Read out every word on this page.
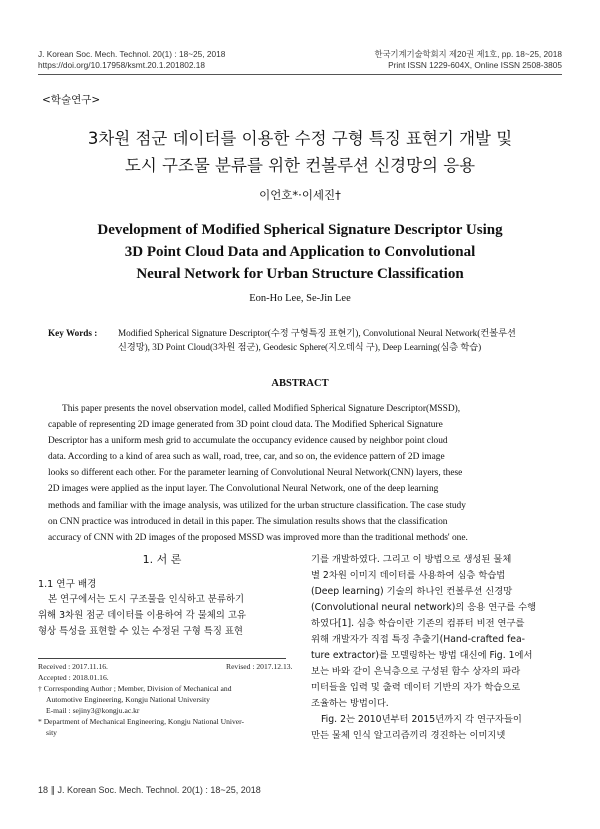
J. Korean Soc. Mech. Technol. 20(1) : 18~25, 2018
https://doi.org/10.17958/ksmt.20.1.201802.18
한국기계기술학회지 제20권 제1호, pp. 18~25, 2018
Print ISSN 1229-604X, Online ISSN 2508-3805
<학술연구>
3차원 점군 데이터를 이용한 수정 구형 특징 표현기 개발 및
도시 구조물 분류를 위한 컨볼루션 신경망의 응용
이언호*·이세진†
Development of Modified Spherical Signature Descriptor Using
3D Point Cloud Data and Application to Convolutional
Neural Network for Urban Structure Classification
Eon-Ho Lee, Se-Jin Lee
Key Words : Modified Spherical Signature Descriptor(수정 구형특징 표현기), Convolutional Neural Network(컨볼루션
신경망), 3D Point Cloud(3차원 점군), Geodesic Sphere(지오데식 구), Deep Learning(심층 학습)
ABSTRACT
This paper presents the novel observation model, called Modified Spherical Signature Descriptor(MSSD),
capable of representing 2D image generated from 3D point cloud data. The Modified Spherical Signature
Descriptor has a uniform mesh grid to accumulate the occupancy evidence caused by neighbor point cloud
data. According to a kind of area such as wall, road, tree, car, and so on, the evidence pattern of 2D image
looks so different each other. For the parameter learning of Convolutional Neural Network(CNN) layers, these
2D images were applied as the input layer. The Convolutional Neural Network, one of the deep learning
methods and familiar with the image analysis, was utilized for the urban structure classification. The case study
on CNN practice was introduced in detail in this paper. The simulation results shows that the classification
accuracy of CNN with 2D images of the proposed MSSD was improved more than the traditional methods' one.
1. 서 론
1.1 연구 배경
본 연구에서는 도시 구조물을 인식하고 분류하기
위해 3차원 점군 데이터를 이용하여 각 물체의 고유
형상 특성을 표현할 수 있는 수정된 구형 특징 표현
Received : 2017.11.16.	Revised : 2017.12.13.
Accepted : 2018.01.16.
† Corresponding Author ; Member, Division of Mechanical and
Automotive Engineering, Kongju National University
E-mail : sejiny3@kongju.ac.kr
* Department of Mechanical Engineering, Kongju National Univer-
sity
기를 개발하였다. 그리고 이 방법으로 생성된 물체
별 2차원 이미지 데이터를 사용하여 심층 학습법
(Deep learning) 기술의 하나인 컨볼루션 신경망
(Convolutional neural network)의 응용 연구를 수행
하였다[1]. 심층 학습이란 기존의 컴퓨터 비전 연구를
위해 개발자가 직접 특징 추출기(Hand-crafted fea-
ture extractor)를 모델링하는 방법 대신에 Fig. 1에서
보는 바와 같이 은닉층으로 구성된 함수 상자의 파라
미터들을 입력 및 출력 데이터 기반의 자가 학습으로
조율하는 방법이다.
Fig. 2는 2010년부터 2015년까지 각 연구자들이
만든 물체 인식 알고리즘끼리 경진하는 이미지넷
18 ∥ J. Korean Soc. Mech. Technol. 20(1) : 18~25, 2018
